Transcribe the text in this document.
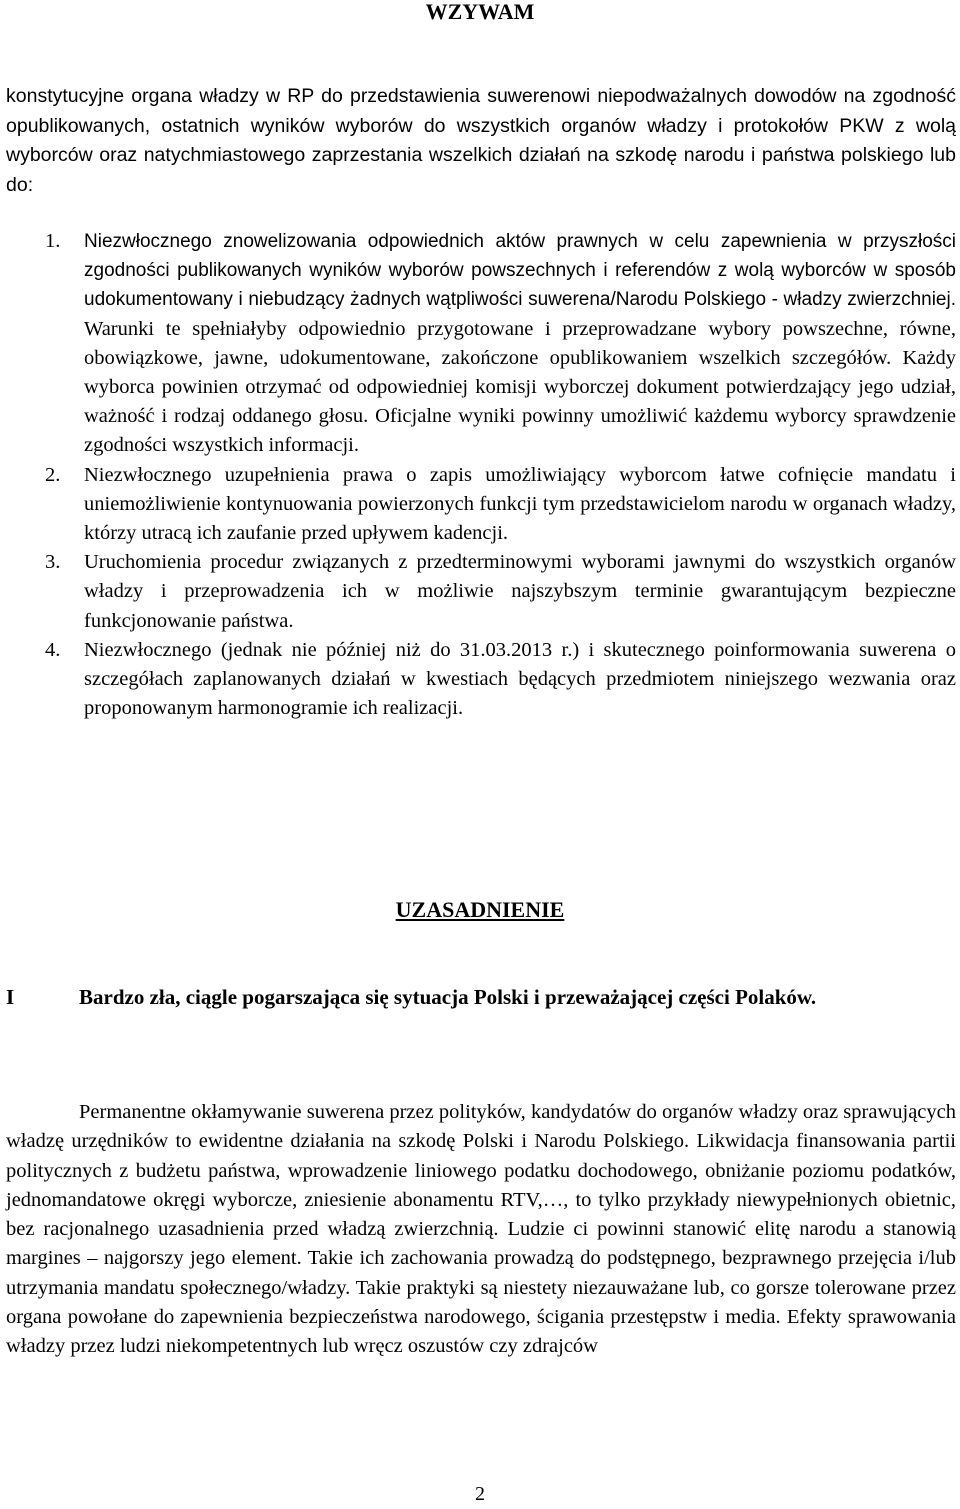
WZYWAM

konstytucyjne organa władzy w RP do przedstawienia suwerenowi niepodważalnych dowodów na zgodność opublikowanych, ostatnich wyników wyborów do wszystkich organów władzy i protokołów PKW z wolą wyborców oraz natychmiastowego zaprzestania wszelkich działań na szkodę narodu i państwa polskiego lub do:

1. Niezwłocznego znowelizowania odpowiednich aktów prawnych w celu zapewnienia w przyszłości zgodności publikowanych wyników wyborów powszechnych i referendów z wolą wyborców w sposób udokumentowany i niebudzący żadnych wątpliwości suwerena/Narodu Polskiego - władzy zwierzchniej. Warunki te spełniałyby odpowiednio przygotowane i przeprowadzane wybory powszechne, równe, obowiązkowe, jawne, udokumentowane, zakończone opublikowaniem wszelkich szczegółów. Każdy wyborca powinien otrzymać od odpowiedniej komisji wyborczej dokument potwierdzający jego udział, ważność i rodzaj oddanego głosu. Oficjalne wyniki powinny umożliwić każdemu wyborcy sprawdzenie zgodności wszystkich informacji.
2. Niezwłocznego uzupełnienia prawa o zapis umożliwiający wyborcom łatwe cofnięcie mandatu i uniemożliwienie kontynuowania powierzonych funkcji tym przedstawicielom narodu w organach władzy, którzy utracą ich zaufanie przed upływem kadencji.
3. Uruchomienia procedur związanych z przedterminowymi wyborami jawnymi do wszystkich organów władzy i przeprowadzenia ich w możliwie najszybszym terminie gwarantującym bezpieczne funkcjonowanie państwa.
4. Niezwłocznego (jednak nie później niż do 31.03.2013 r.) i skutecznego poinformowania suwerena o szczegółach zaplanowanych działań w kwestiach będących przedmiotem niniejszego wezwania oraz proponowanym harmonogramie ich realizacji.
UZASADNIENIE

I	Bardzo zła, ciągle pogarszająca się sytuacja Polski i przeważającej części Polaków.

Permanentne okłamywanie suwerena przez polityków, kandydatów do organów władzy oraz sprawujących władzę urzędników to ewidentne działania na szkodę Polski i Narodu Polskiego. Likwidacja finansowania partii politycznych z budżetu państwa, wprowadzenie liniowego podatku dochodowego, obniżanie poziomu podatków, jednomandatowe okręgi wyborcze, zniesienie abonamentu RTV,…, to tylko przykłady niewypełnionych obietnic, bez racjonalnego uzasadnienia przed władzą zwierzchnią. Ludzie ci powinni stanowić elitę narodu a stanowią margines – najgorszy jego element. Takie ich zachowania prowadzą do podstępnego, bezprawnego przejęcia i/lub utrzymania mandatu społecznego/władzy. Takie praktyki są niestety niezauważane lub, co gorsze tolerowane przez organa powołane do zapewnienia bezpieczeństwa narodowego, ścigania przestępstw i media. Efekty sprawowania władzy przez ludzi niekompetentnych lub wręcz oszustów czy zdrajców

2
